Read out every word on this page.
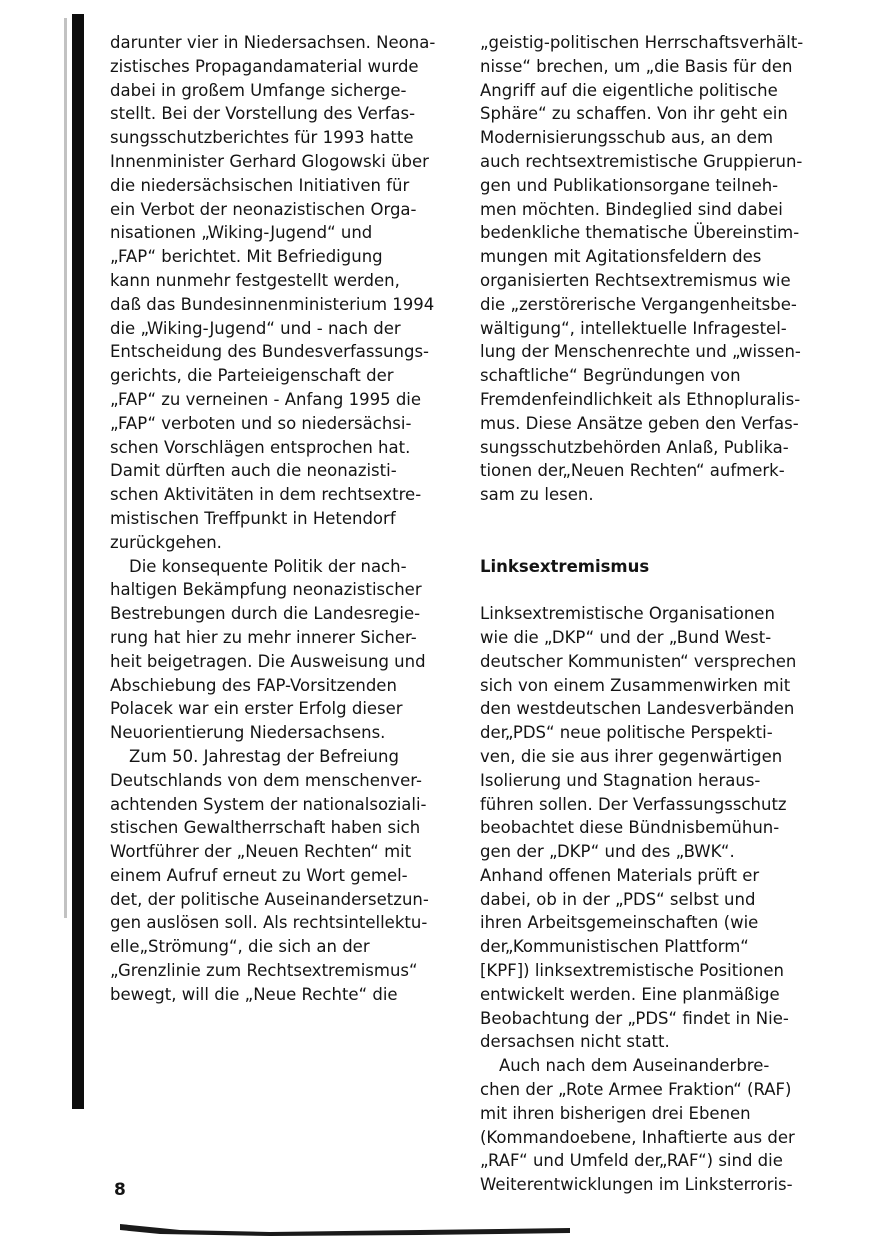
darunter vier in Niedersachsen. Neona-
zistisches Propagandamaterial wurde
dabei in großem Umfange sicherge-
stellt. Bei der Vorstellung des Verfas-
sungsschutzberichtes für 1993 hatte
Innenminister Gerhard Glogowski über
die niedersächsischen Initiativen für
ein Verbot der neonazistischen Orga-
nisationen „Wiking-Jugend“ und
„FAP“ berichtet. Mit Befriedigung
kann nunmehr festgestellt werden,
daß das Bundesinnenministerium 1994
die „Wiking-Jugend“ und - nach der
Entscheidung des Bundesverfassungs-
gerichts, die Parteieigenschaft der
„FAP“ zu verneinen - Anfang 1995 die
„FAP“ verboten und so niedersächsi-
schen Vorschlägen entsprochen hat.
Damit dürften auch die neonazisti-
schen Aktivitäten in dem rechtsextre-
mistischen Treffpunkt in Hetendorf
zurückgehen.
Die konsequente Politik der nach-
haltigen Bekämpfung neonazistischer
Bestrebungen durch die Landesregie-
rung hat hier zu mehr innerer Sicher-
heit beigetragen. Die Ausweisung und
Abschiebung des FAP-Vorsitzenden
Polacek war ein erster Erfolg dieser
Neuorientierung Niedersachsens.
Zum 50. Jahrestag der Befreiung
Deutschlands von dem menschenver-
achtenden System der nationalsoziali-
stischen Gewaltherrschaft haben sich
Wortführer der „Neuen Rechten“ mit
einem Aufruf erneut zu Wort gemel-
det, der politische Auseinandersetzun-
gen auslösen soll. Als rechtsintellektu-
elle„Strömung“, die sich an der
„Grenzlinie zum Rechtsextremismus“
bewegt, will die „Neue Rechte“ die
„geistig-politischen Herrschaftsverhält-
nisse“ brechen, um „die Basis für den
Angriff auf die eigentliche politische
Sphäre“ zu schaffen. Von ihr geht ein
Modernisierungsschub aus, an dem
auch rechtsextremistische Gruppierun-
gen und Publikationsorgane teilneh-
men möchten. Bindeglied sind dabei
bedenkliche thematische Übereinstim-
mungen mit Agitationsfeldern des
organisierten Rechtsextremismus wie
die „zerstörerische Vergangenheitsbe-
wältigung“, intellektuelle Infragestel-
lung der Menschenrechte und „wissen-
schaftliche“ Begründungen von
Fremdenfeindlichkeit als Ethnopluralis-
mus. Diese Ansätze geben den Verfas-
sungsschutzbehörden Anlaß, Publika-
tionen der„Neuen Rechten“ aufmerk-
sam zu lesen.
Linksextremismus
Linksextremistische Organisationen
wie die „DKP“ und der „Bund West-
deutscher Kommunisten“ versprechen
sich von einem Zusammenwirken mit
den westdeutschen Landesverbänden
der„PDS“ neue politische Perspekti-
ven, die sie aus ihrer gegenwärtigen
Isolierung und Stagnation heraus-
führen sollen. Der Verfassungsschutz
beobachtet diese Bündnisbemühun-
gen der „DKP“ und des „BWK“.
Anhand offenen Materials prüft er
dabei, ob in der „PDS“ selbst und
ihren Arbeitsgemeinschaften (wie
der„Kommunistischen Plattform“
[KPF]) linksextremistische Positionen
entwickelt werden. Eine planmäßige
Beobachtung der „PDS“ findet in Nie-
dersachsen nicht statt.
Auch nach dem Auseinanderbre-
chen der „Rote Armee Fraktion“ (RAF)
mit ihren bisherigen drei Ebenen
(Kommandoebene, Inhaftierte aus der
„RAF“ und Umfeld der„RAF“) sind die
Weiterentwicklungen im Linksterroris-
8
